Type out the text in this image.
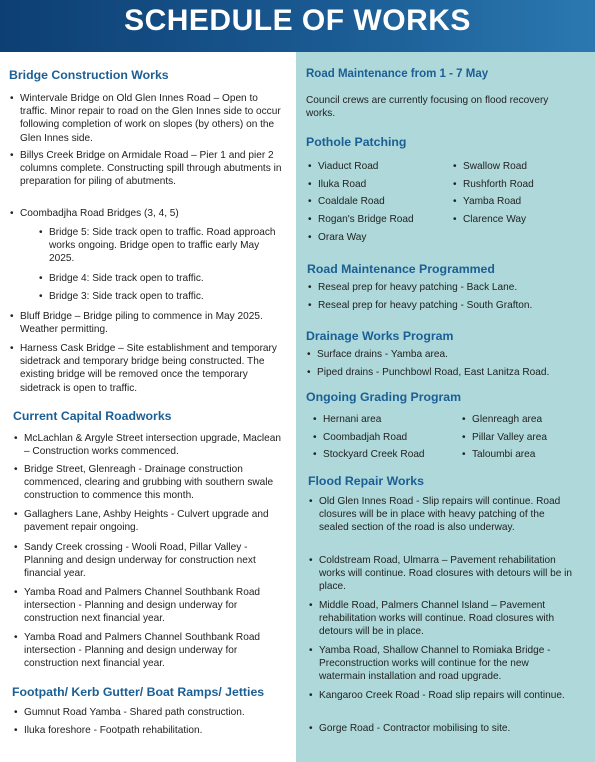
SCHEDULE OF WORKS
Bridge Construction Works
• Wintervale Bridge on Old Glen Innes Road – Open to traffic. Minor repair to road on the Glen Innes side to occur following completion of work on slopes (by others) on the Glen Innes side.
• Billys Creek Bridge on Armidale Road – Pier 1 and pier 2 columns complete. Constructing spill through abutments in preparation for piling of abutments.
• Coombadjha Road Bridges (3, 4, 5)
• Bridge 5: Side track open to traffic. Road approach works ongoing. Bridge open to traffic early May 2025.
• Bridge 4: Side track open to traffic.
• Bridge 3: Side track open to traffic.
• Bluff Bridge – Bridge piling to commence in May 2025. Weather permitting.
• Harness Cask Bridge – Site establishment and temporary sidetrack and temporary bridge being constructed. The existing bridge will be removed once the temporary sidetrack is open to traffic.
Current Capital Roadworks
• McLachlan & Argyle Street intersection upgrade, Maclean – Construction works commenced.
• Bridge Street, Glenreagh - Drainage construction commenced, clearing and grubbing with southern swale construction to commence this month.
• Gallaghers Lane, Ashby Heights - Culvert upgrade and pavement repair ongoing.
• Sandy Creek crossing - Wooli Road, Pillar Valley - Planning and design underway for construction next financial year.
• Yamba Road and Palmers Channel Southbank Road intersection - Planning and design underway for construction next financial year.
• Yamba Road and Palmers Channel Southbank Road intersection - Planning and design underway for construction next financial year.
Footpath/ Kerb Gutter/ Boat Ramps/ Jetties
• Gumnut Road Yamba - Shared path construction.
• Iluka foreshore - Footpath rehabilitation.
Road Maintenance from 1 - 7 May
Council crews are currently focusing on flood recovery works.
Pothole Patching
• Viaduct Road
• Iluka Road
• Coaldale Road
• Rogan's Bridge Road
• Orara Way
• Swallow Road
• Rushforth Road
• Yamba Road
• Clarence Way
Road Maintenance Programmed
• Reseal prep for heavy patching - Back Lane.
• Reseal prep for heavy patching - South Grafton.
Drainage Works Program
• Surface drains - Yamba area.
• Piped drains - Punchbowl Road, East Lanitza Road.
Ongoing Grading Program
• Hernani area
• Coombadjah Road
• Stockyard Creek Road
• Glenreagh area
• Pillar Valley area
• Taloumbi area
Flood Repair Works
• Old Glen Innes Road - Slip repairs will continue. Road closures will be in place with heavy patching of the sealed section of the road is also underway.
• Coldstream Road, Ulmarra – Pavement rehabilitation works will continue. Road closures with detours will be in place.
• Middle Road, Palmers Channel Island – Pavement rehabilitation works will continue. Road closures with detours will be in place.
• Yamba Road, Shallow Channel to Romiaka Bridge - Preconstruction works will continue for the new watermain installation and road upgrade.
• Kangaroo Creek Road - Road slip repairs will continue.
• Gorge Road - Contractor mobilising to site.
